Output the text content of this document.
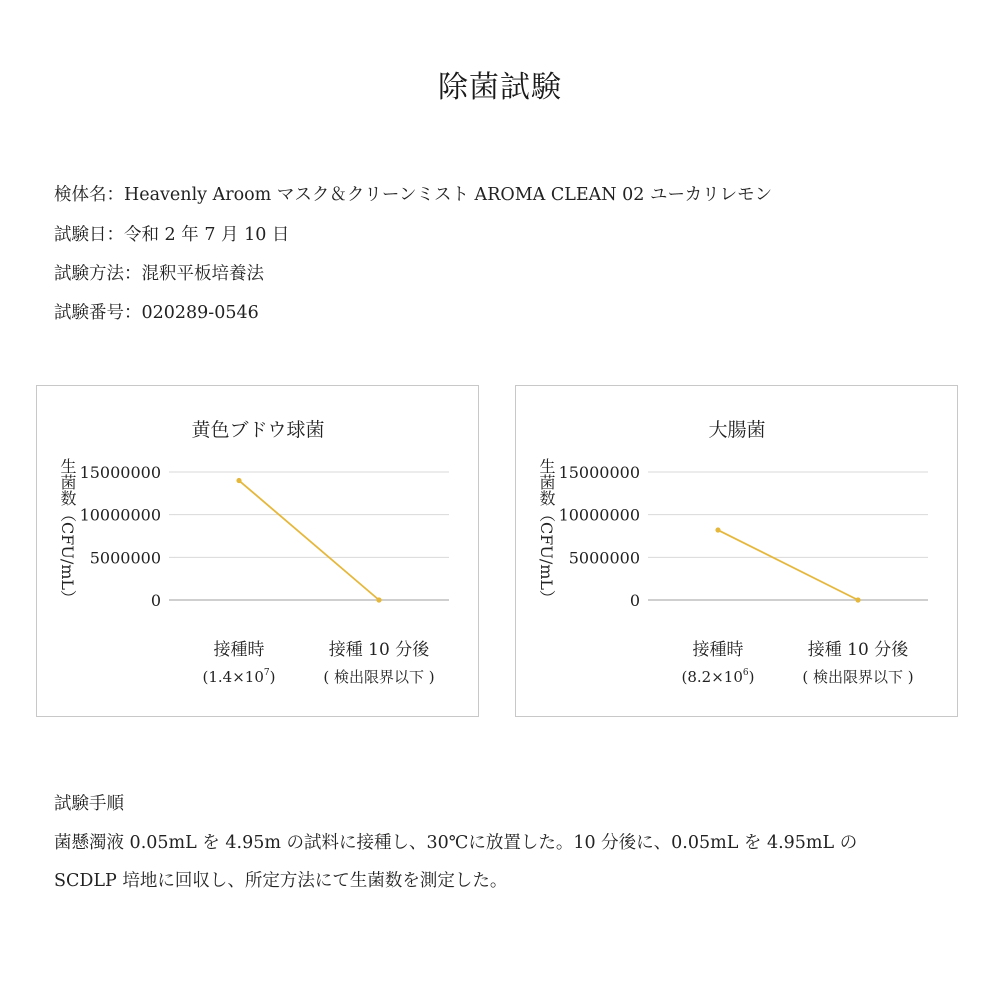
除菌試験
検体名：Heavenly Aroom マスク＆クリーンミスト AROMA CLEAN 02 ユーカリレモン
試験日：令和 2 年 7 月 10 日
試験方法：混釈平板培養法
試験番号：020289-0546
生菌数（CFU/mL）
黄色ブドウ球菌
15000000
10000000
5000000
0
接種時
$(1.4\times 10^7)$
接種 10 分後
( 検出限界以下 )
生菌数（CFU/mL）
大腸菌
15000000
10000000
5000000
0
接種時
$(8.2\times 10^6)$
接種 10 分後
( 検出限界以下 )
試験手順
菌懸濁液 0.05mL を 4.95m の試料に接種し、30℃に放置した。10 分後に、0.05mL を 4.95mL の
SCDLP 培地に回収し、所定方法にて生菌数を測定した。
